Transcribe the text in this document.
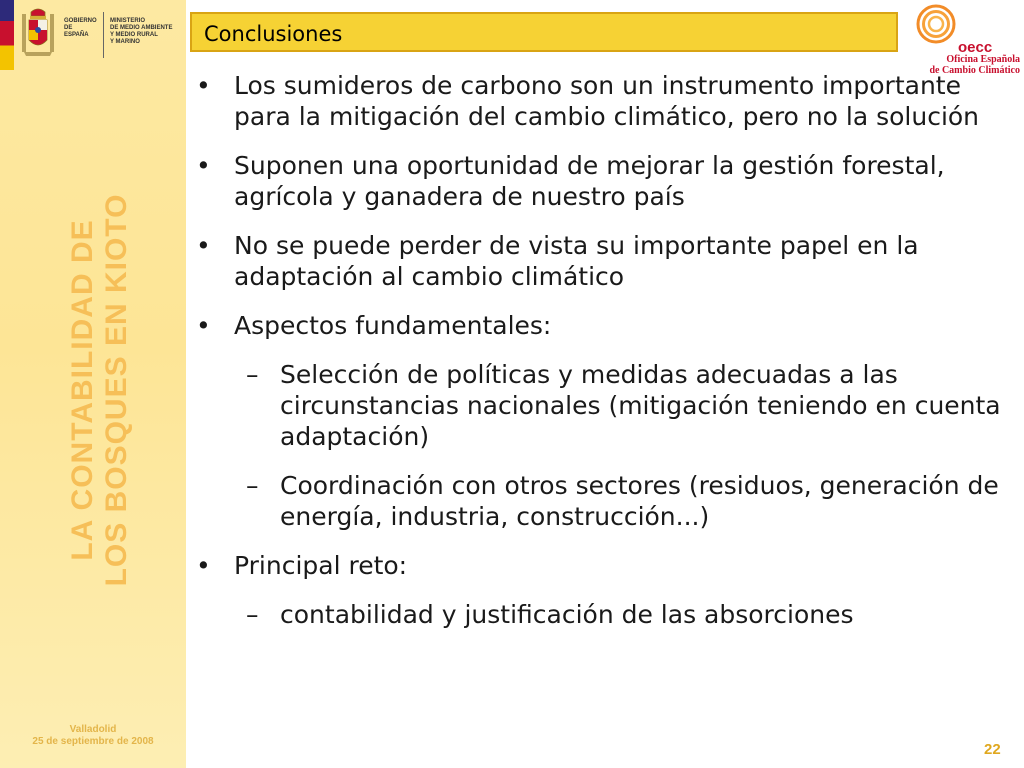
GOBIERNO
DE ESPAÑA
MINISTERIO
DE MEDIO AMBIENTE
Y MEDIO RURAL
Y MARINO
LA CONTABILIDAD DE LOS BOSQUES EN KIOTO
Valladolid
25 de septiembre de 2008
Conclusiones
oecc
Oficina Española
de Cambio Climático
• Los sumideros de carbono son un instrumento importante para la mitigación del cambio climático, pero no la solución
• Suponen una oportunidad de mejorar la gestión forestal, agrícola y ganadera de nuestro país
• No se puede perder de vista su importante papel en la adaptación al cambio climático
• Aspectos fundamentales:
– Selección de políticas y medidas adecuadas a las circunstancias nacionales (mitigación teniendo en cuenta adaptación)
– Coordinación con otros sectores (residuos, generación de energía, industria, construcción...)
• Principal reto:
– contabilidad y justificación de las absorciones
22
